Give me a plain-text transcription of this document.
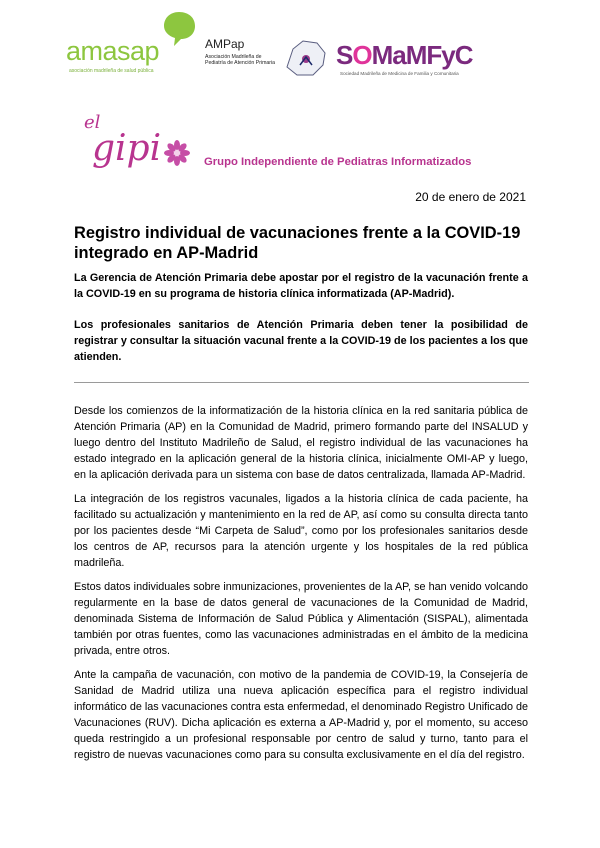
amasap
asociación madrileña de salud pública
AMPap
Asociación Madrileña de Pediatría de Atención Primaria	SOMaMFyC
Sociedad Madrileña de Medicina de Familia y Comunitaria
el
gipi	Grupo Independiente de Pediatras Informatizados
20 de enero de 2021
Registro individual de vacunaciones frente a la COVID-19 integrado en AP-Madrid
La Gerencia de Atención Primaria debe apostar por el registro de la vacunación frente a la COVID-19 en su programa de historia clínica informatizada (AP-Madrid).
Los profesionales sanitarios de Atención Primaria deben tener la posibilidad de registrar y consultar la situación vacunal frente a la COVID-19 de los pacientes a los que atienden.
Desde los comienzos de la informatización de la historia clínica en la red sanitaria pública de Atención Primaria (AP) en la Comunidad de Madrid, primero formando parte del INSALUD y luego dentro del Instituto Madrileño de Salud, el registro individual de las vacunaciones ha estado integrado en la aplicación general de la historia clínica, inicialmente OMI-AP y luego, en la aplicación derivada para un sistema con base de datos centralizada, llamada AP-Madrid.
La integración de los registros vacunales, ligados a la historia clínica de cada paciente, ha facilitado su actualización y mantenimiento en la red de AP, así como su consulta directa tanto por los pacientes desde “Mi Carpeta de Salud”, como por los profesionales sanitarios desde los centros de AP, recursos para la atención urgente y los hospitales de la red pública madrileña.
Estos datos individuales sobre inmunizaciones, provenientes de la AP, se han venido volcando regularmente en la base de datos general de vacunaciones de la Comunidad de Madrid, denominada Sistema de Información de Salud Pública y Alimentación (SISPAL), alimentada también por otras fuentes, como las vacunaciones administradas en el ámbito de la medicina privada, entre otros.
Ante la campaña de vacunación, con motivo de la pandemia de COVID-19, la Consejería de Sanidad de Madrid utiliza una nueva aplicación específica para el registro individual informático de las vacunaciones contra esta enfermedad, el denominado Registro Unificado de Vacunaciones (RUV). Dicha aplicación es externa a AP-Madrid y, por el momento, su acceso queda restringido a un profesional responsable por centro de salud y turno, tanto para el registro de nuevas vacunaciones como para su consulta exclusivamente en el día del registro.
